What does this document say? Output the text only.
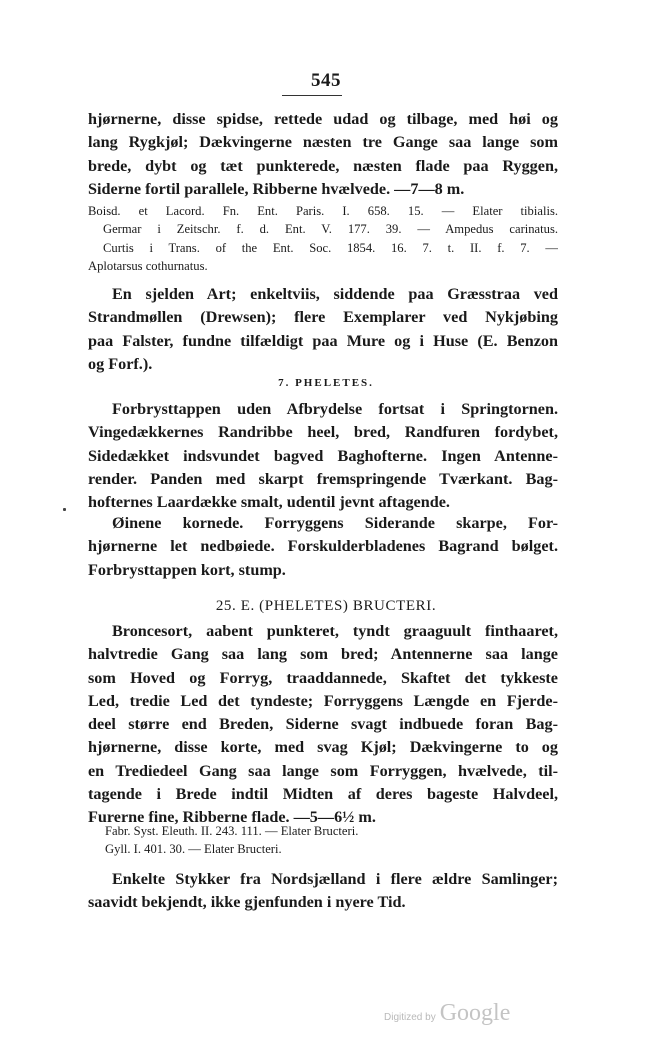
545
hjørnerne, disse spidse, rettede udad og tilbage, med høi og
lang Rygkjøl; Dækvingerne næsten tre Gange saa lange som
brede, dybt og tæt punkterede, næsten flade paa Ryggen,
Siderne fortil parallele, Ribberne hvælvede. —7—8 m.
Boisd. et Lacord. Fn. Ent. Paris. I. 658. 15. — Elater tibialis.
Germar i Zeitschr. f. d. Ent. V. 177. 39. — Ampedus carinatus.
Curtis i Trans. of the Ent. Soc. 1854. 16. 7. t. II. f. 7. —
Aplotarsus cothurnatus.
En sjelden Art; enkeltviis, siddende paa Græsstraa ved
Strandmøllen (Drewsen); flere Exemplarer ved Nykjøbing
paa Falster, fundne tilfældigt paa Mure og i Huse (E. Benzon
og Forf.).
7. PHELETES.
Forbrysttappen uden Afbrydelse fortsat i Springtornen.
Vingedækkernes Randribbe heel, bred, Randfuren fordybet,
Sidedækket indsvundet bagved Baghofterne. Ingen Antenne-
render. Panden med skarpt fremspringende Tværkant. Bag-
hofternes Laardække smalt, udentil jevnt aftagende.
Øinene kornede. Forryggens Siderande skarpe, For-
hjørnerne let nedbøiede. Forskulderbladenes Bagrand bølget.
Forbrysttappen kort, stump.
25. E. (PHELETES) BRUCTERI.
Broncesort, aabent punkteret, tyndt graaguult finthaaret,
halvtredie Gang saa lang som bred; Antennerne saa lange
som Hoved og Forryg, traaddannede, Skaftet det tykkeste
Led, tredie Led det tyndeste; Forryggens Længde en Fjerde-
deel større end Breden, Siderne svagt indbuede foran Bag-
hjørnerne, disse korte, med svag Kjøl; Dækvingerne to og
en Trediedeel Gang saa lange som Forryggen, hvælvede, til-
tagende i Brede indtil Midten af deres bageste Halvdeel,
Furerne fine, Ribberne flade. —5—6½ m.
Fabr. Syst. Eleuth. II. 243. 111. — Elater Bructeri.
Gyll. I. 401. 30. — Elater Bructeri.
Enkelte Stykker fra Nordsjælland i flere ældre Samlinger;
saavidt bekjendt, ikke gjenfunden i nyere Tid.
Digitized by Google
